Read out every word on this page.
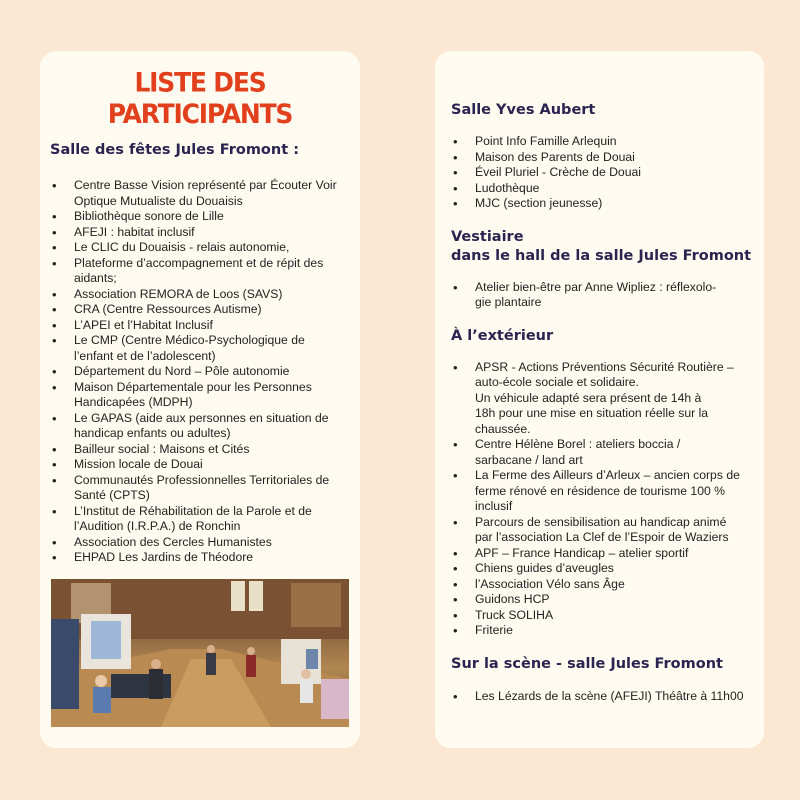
LISTE DES PARTICIPANTS
Salle des fêtes Jules Fromont :
• Centre Basse Vision représenté par Écouter Voir
Optique Mutualiste du Douaisis
• Bibliothèque sonore de Lille
• AFEJI : habitat inclusif
• Le CLIC du Douaisis - relais autonomie,
• Plateforme d’accompagnement et de répit des
aidants;
• Association REMORA de Loos (SAVS)
• CRA (Centre Ressources Autisme)
• L’APEI et l’Habitat Inclusif
• Le CMP (Centre Médico-Psychologique de
l’enfant et de l’adolescent)
• Département du Nord – Pôle autonomie
• Maison Départementale pour les Personnes
Handicapées (MDPH)
• Le GAPAS (aide aux personnes en situation de
handicap enfants ou adultes)
• Bailleur social : Maisons et Cités
• Mission locale de Douai
• Communautés Professionnelles Territoriales de
Santé (CPTS)
• L’Institut de Réhabilitation de la Parole et de
l’Audition (I.R.P.A.) de Ronchin
• Association des Cercles Humanistes
• EHPAD Les Jardins de Théodore
Salle Yves Aubert
• Point Info Famille Arlequin
• Maison des Parents de Douai
• Éveil Pluriel - Crèche de Douai
• Ludothèque
• MJC (section jeunesse)
Vestiaire
dans le hall de la salle Jules Fromont
• Atelier bien-être par Anne Wipliez : réflexolo-
gie plantaire
À l’extérieur
• APSR - Actions Préventions Sécurité Routière –
auto-école sociale et solidaire.
Un véhicule adapté sera présent de 14h à
18h pour une mise en situation réelle sur la
chaussée.
• Centre Hélène Borel : ateliers boccia /
sarbacane / land art
• La Ferme des Ailleurs d’Arleux – ancien corps de
ferme rénové en résidence de tourisme 100 %
inclusif
• Parcours de sensibilisation au handicap animé
par l’association La Clef de l’Espoir de Waziers
• APF – France Handicap – atelier sportif
• Chiens guides d’aveugles
• l’Association Vélo sans Âge
• Guidons HCP
• Truck SOLIHA
• Friterie
Sur la scène - salle Jules Fromont
• Les Lézards de la scène (AFEJI) Théâtre à 11h00
